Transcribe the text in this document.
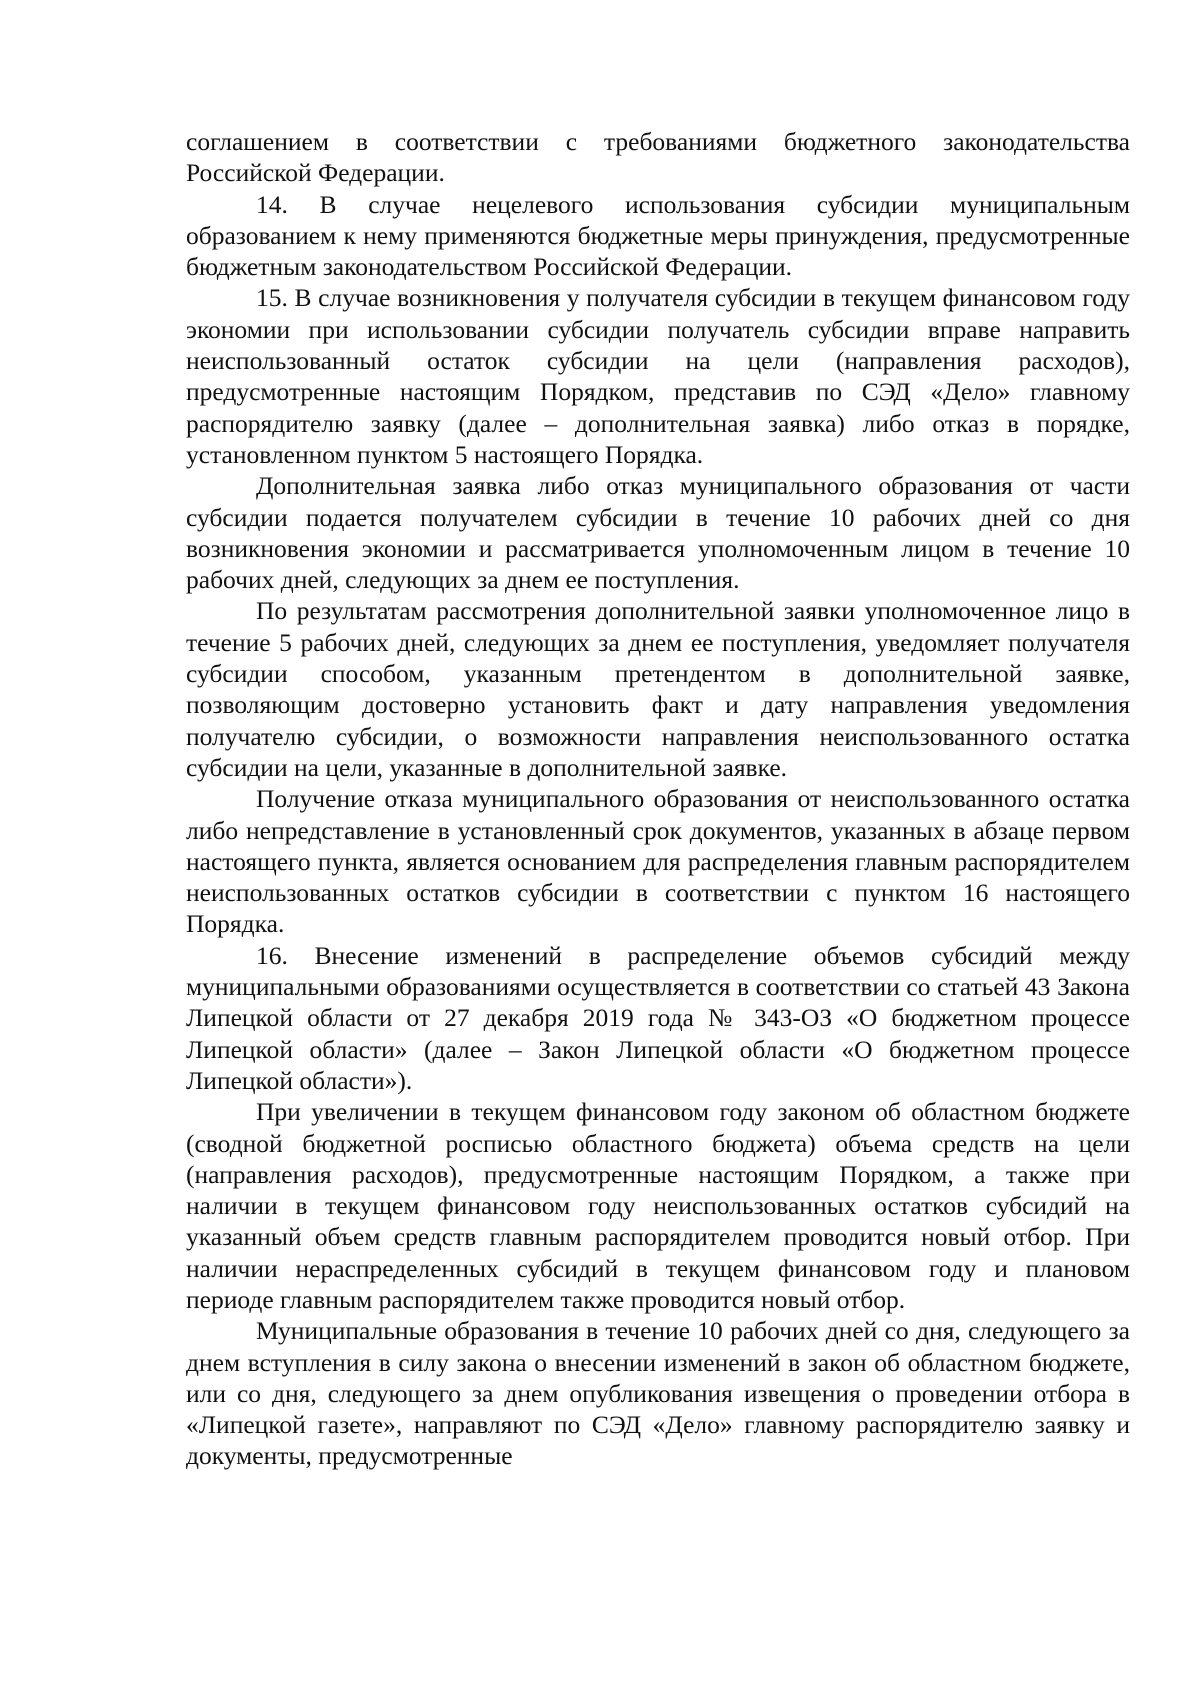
соглашением в соответствии с требованиями бюджетного законодательства Российской Федерации.

14. В случае нецелевого использования субсидии муниципальным образованием к нему применяются бюджетные меры принуждения, предусмотренные бюджетным законодательством Российской Федерации.

15. В случае возникновения у получателя субсидии в текущем финансовом году экономии при использовании субсидии получатель субсидии вправе направить неиспользованный остаток субсидии на цели (направления расходов), предусмотренные настоящим Порядком, представив по СЭД «Дело» главному распорядителю заявку (далее – дополнительная заявка) либо отказ в порядке, установленном пунктом 5 настоящего Порядка.

Дополнительная заявка либо отказ муниципального образования от части субсидии подается получателем субсидии в течение 10 рабочих дней со дня возникновения экономии и рассматривается уполномоченным лицом в течение 10 рабочих дней, следующих за днем ее поступления.

По результатам рассмотрения дополнительной заявки уполномоченное лицо в течение 5 рабочих дней, следующих за днем ее поступления, уведомляет получателя субсидии способом, указанным претендентом в дополнительной заявке, позволяющим достоверно установить факт и дату направления уведомления получателю субсидии, о возможности направления неиспользованного остатка субсидии на цели, указанные в дополнительной заявке.

Получение отказа муниципального образования от неиспользованного остатка либо непредставление в установленный срок документов, указанных в абзаце первом настоящего пункта, является основанием для распределения главным распорядителем неиспользованных остатков субсидии в соответствии с пунктом 16 настоящего Порядка.

16. Внесение изменений в распределение объемов субсидий между муниципальными образованиями осуществляется в соответствии со статьей 43 Закона Липецкой области от 27 декабря 2019 года № 343-ОЗ «О бюджетном процессе Липецкой области» (далее – Закон Липецкой области «О бюджетном процессе Липецкой области»).

При увеличении в текущем финансовом году законом об областном бюджете (сводной бюджетной росписью областного бюджета) объема средств на цели (направления расходов), предусмотренные настоящим Порядком, а также при наличии в текущем финансовом году неиспользованных остатков субсидий на указанный объем средств главным распорядителем проводится новый отбор. При наличии нераспределенных субсидий в текущем финансовом году и плановом периоде главным распорядителем также проводится новый отбор.

Муниципальные образования в течение 10 рабочих дней со дня, следующего за днем вступления в силу закона о внесении изменений в закон об областном бюджете, или со дня, следующего за днем опубликования извещения о проведении отбора в «Липецкой газете», направляют по СЭД «Дело» главному распорядителю заявку и документы, предусмотренные
